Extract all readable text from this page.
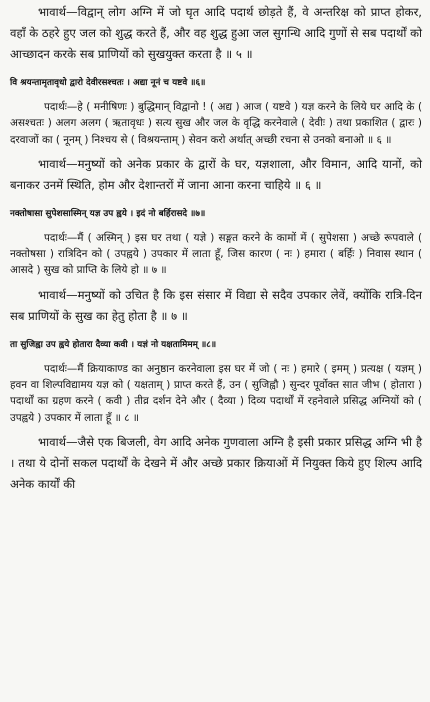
भावार्थ—विद्वान् लोग अग्नि में जो घृत आदि पदार्थ छोड़ते हैं, वे अन्तरिक्ष को प्राप्त होकर, वहाँ के ठहरे हुए जल को शुद्ध करते हैं, और वह शुद्ध हुआ जल सुगन्धि आदि गुणों से सब पदार्थों को आच्छादन करके सब प्राणियों को सुखयुक्त करता है ॥ ५ ॥

वि श्रयन्तामृतावृधो द्वारो देवीरसश्चतः । अद्या नूनं च यष्टवे ॥६॥

पदार्थः—हे ( मनीषिणः ) बुद्धिमान् विद्वानो ! ( अद्य ) आज ( यष्टवे ) यज्ञ करने के लिये घर आदि के ( असश्चतः ) अलग अलग ( ऋतावृधः ) सत्य सुख और जल के वृद्धि करनेवाले ( देवीः ) तथा प्रकाशित ( द्वारः ) दरवाजों का ( नूनम् ) निश्चय से ( विश्रयन्ताम् ) सेवन करो अर्थात् अच्छी रचना से उनको बनाओ ॥ ६ ॥

भावार्थ—मनुष्यों को अनेक प्रकार के द्वारों के घर, यज्ञशाला, और विमान, आदि यानों, को बनाकर उनमें स्थिति, होम और देशान्तरों में जाना आना करना चाहिये ॥ ६ ॥

नक्तोषासा सुपेशसास्मिन् यज्ञ उप ह्वये । इदं नो बर्हिरासदे ॥७॥

पदार्थः—मैं ( अस्मिन् ) इस घर तथा ( यज्ञे ) सङ्गत करने के कामों में ( सुपेशसा ) अच्छे रूपवाले ( नक्तोषसा ) रात्रिदिन को ( उपह्वये ) उपकार में लाता हूँ, जिस कारण ( नः ) हमारा ( बर्हिः ) निवास स्थान ( आसदे ) सुख को प्राप्ति के लिये हो ॥ ७ ॥

भावार्थ—मनुष्यों को उचित है कि इस संसार में विद्या से सदैव उपकार लेवें, क्योंकि रात्रि-दिन सब प्राणियों के सुख का हेतु होता है ॥ ७ ॥

ता सुजिह्वा उप ह्वये होतारा दैव्या कवी । यज्ञं नो यक्षतामिमम् ॥८॥

पदार्थः—मैं क्रियाकाण्ड का अनुष्ठान करनेवाला इस घर में जो ( नः ) हमारे ( इमम् ) प्रत्यक्ष ( यज्ञम् ) हवन वा शिल्पविद्यामय यज्ञ को ( यक्षताम् ) प्राप्त करते हैं, उन ( सुजिह्वौ ) सुन्दर पूर्वोक्त सात जीभ ( होतारा ) पदार्थों का ग्रहण करने ( कवी ) तीव्र दर्शन देने और ( दैव्या ) दिव्य पदार्थों में रहनेवाले प्रसिद्ध अग्नियों को ( उपह्वये ) उपकार में लाता हूँ ॥ ८ ॥

भावार्थ—जैसे एक बिजली, वेग आदि अनेक गुणवाला अग्नि है इसी प्रकार प्रसिद्ध अग्नि भी है । तथा ये दोनों सकल पदार्थों के देखने में और अच्छे प्रकार क्रियाओं में नियुक्त किये हुए शिल्प आदि अनेक कार्यों की
